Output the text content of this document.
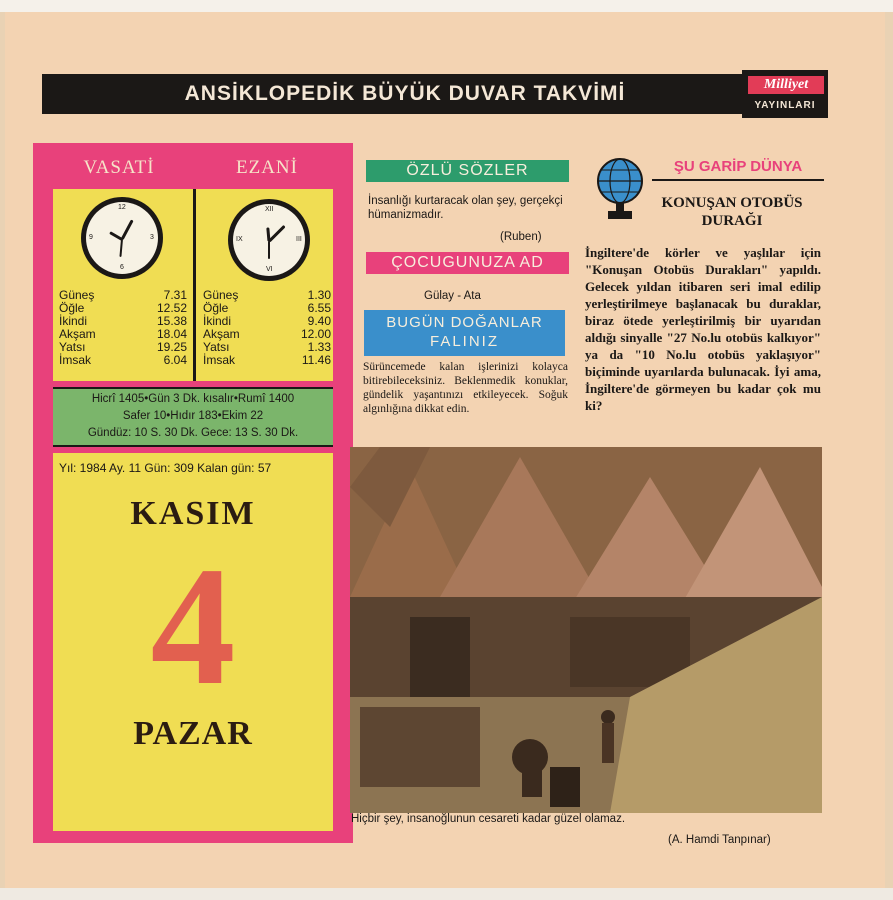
ANSİKLOPEDİK BÜYÜK DUVAR TAKVİMİ	Milliyet
YAYINLARI
VASATİ	EZANİ
12
3
6
9
XII
III
VI
IX
Güneş	7.31
Öğle	12.52
İkindi	15.38
Akşam	18.04
Yatsı	19.25
İmsak	6.04
Güneş	1.30
Öğle	6.55
İkindi	9.40
Akşam	12.00
Yatsı	1.33
İmsak	11.46
Hicrî 1405•Gün 3 Dk. kısalır•Rumî 1400
Safer 10•Hıdır 183•Ekim 22
Gündüz: 10 S. 30 Dk. Gece: 13 S. 30 Dk.
Yıl: 1984 Ay. 11 Gün: 309 Kalan gün: 57
KASIM
4
PAZAR
ÖZLÜ SÖZLER
İnsanlığı kurtaracak olan şey, gerçekçi hümanizmadır.
(Ruben)
ÇOCUGUNUZA AD
Gülay - Ata
BUGÜN DOĞANLAR
FALINIZ
Sürüncemede kalan işlerinizi kolayca bitirebileceksiniz. Beklenmedik konuklar, gündelik yaşantınızı etkileyecek. Soğuk algınlığına dikkat edin.
ŞU GARİP DÜNYA
KONUŞAN OTOBÜS DURAĞI
İngiltere'de körler ve yaşlılar için "Konuşan Otobüs Durakları" yapıldı. Gelecek yıldan itibaren seri imal edilip yerleştirilmeye başlanacak bu duraklar, biraz ötede yerleştirilmiş bir uyarıdan aldığı sinyalle "27 No.lu otobüs kalkıyor" ya da "10 No.lu otobüs yaklaşıyor" biçiminde uyarılarda bulunacak. İyi ama, İngiltere'de görmeyen bu kadar çok mu ki?
Hiçbir şey, insanoğlunun cesareti kadar güzel olamaz.
(A. Hamdi Tanpınar)
